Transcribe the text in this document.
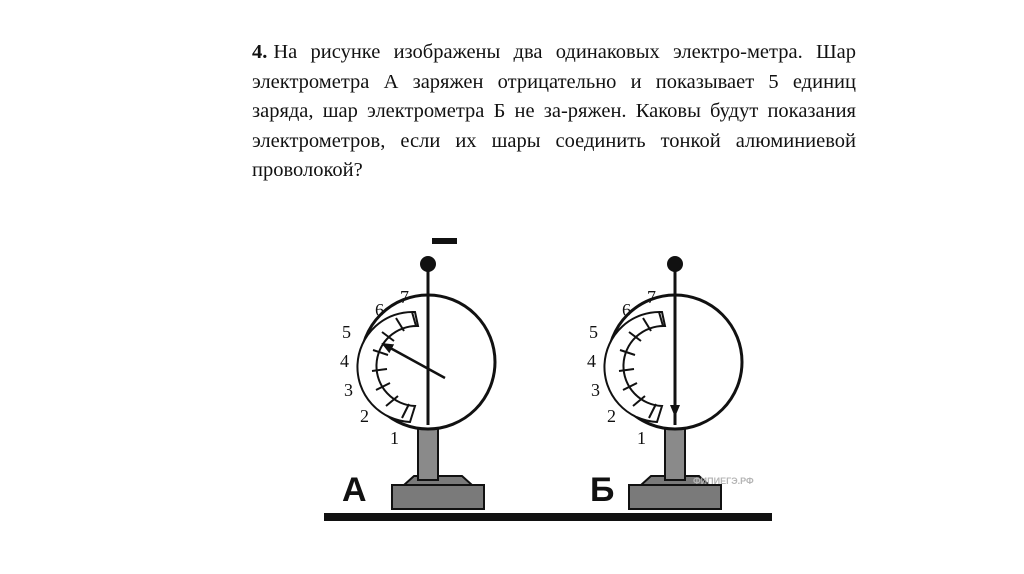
4. На рисунке изображены два одинаковых электро-метра. Шар электрометра А заряжен отрицательно и показывает 5 единиц заряда, шар электрометра Б не за-ряжен. Каковы будут показания электрометров, если их шары соединить тонкой алюминиевой проволокой?

1
2
3
4
5
6
7
А
1
2
3
4
5
6
7
Б	ФИПИЕГЭ.РФ
